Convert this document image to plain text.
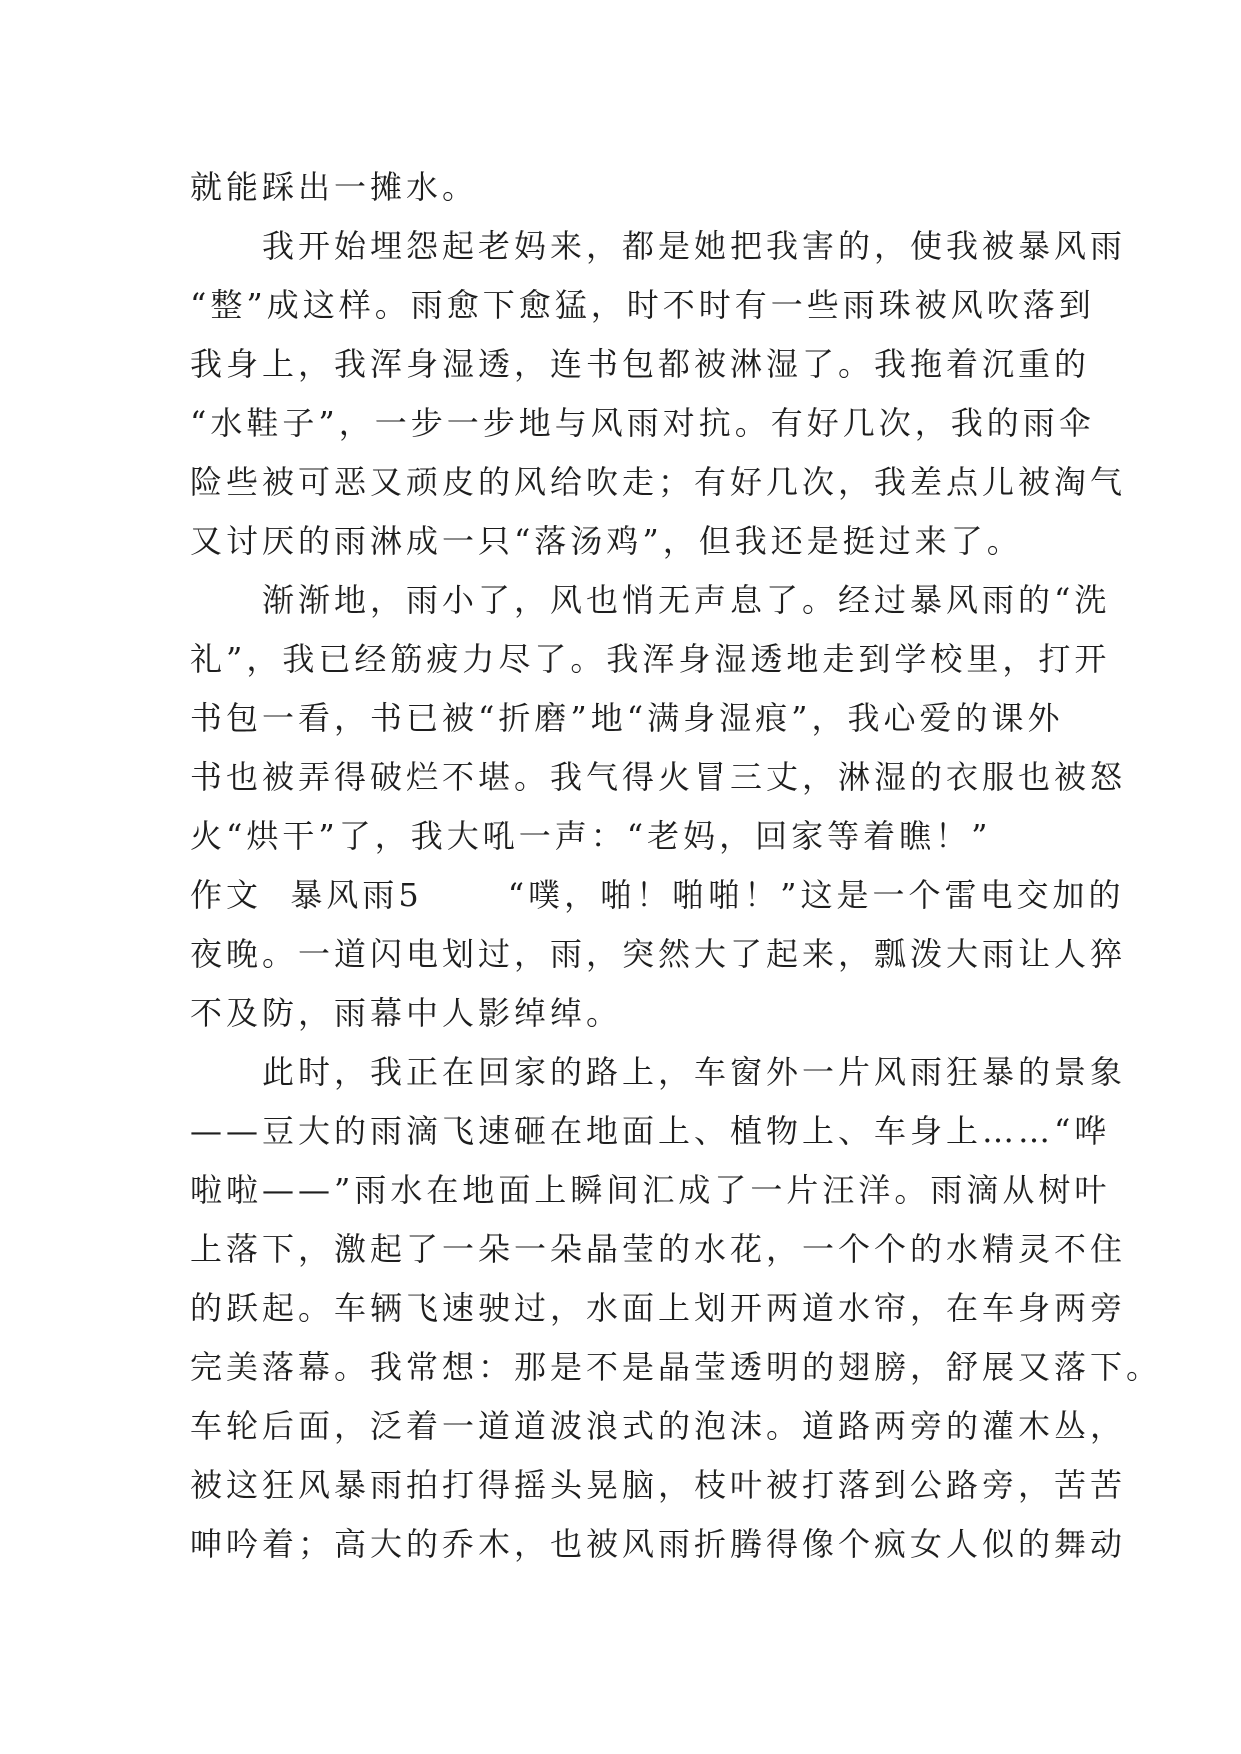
就能踩出一摊水。
我开始埋怨起老妈来，都是她把我害的，使我被暴风雨
“整”成这样。雨愈下愈猛，时不时有一些雨珠被风吹落到
我身上，我浑身湿透，连书包都被淋湿了。我拖着沉重的
“水鞋子”，一步一步地与风雨对抗。有好几次，我的雨伞
险些被可恶又顽皮的风给吹走；有好几次，我差点儿被淘气
又讨厌的雨淋成一只“落汤鸡”，但我还是挺过来了。
渐渐地，雨小了，风也悄无声息了。经过暴风雨的“洗
礼”，我已经筋疲力尽了。我浑身湿透地走到学校里，打开
书包一看，书已被“折磨”地“满身湿痕”，我心爱的课外
书也被弄得破烂不堪。我气得火冒三丈，淋湿的衣服也被怒
火“烘干”了，我大吼一声：“老妈，回家等着瞧！”
作文  暴风雨5      “噗，啪！啪啪！”这是一个雷电交加的
夜晚。一道闪电划过，雨，突然大了起来，瓢泼大雨让人猝
不及防，雨幕中人影绰绰。
此时，我正在回家的路上，车窗外一片风雨狂暴的景象
——豆大的雨滴飞速砸在地面上、植物上、车身上……“哗
啦啦——”雨水在地面上瞬间汇成了一片汪洋。雨滴从树叶
上落下，激起了一朵一朵晶莹的水花，一个个的水精灵不住
的跃起。车辆飞速驶过，水面上划开两道水帘，在车身两旁
完美落幕。我常想：那是不是晶莹透明的翅膀，舒展又落下。
车轮后面，泛着一道道波浪式的泡沫。道路两旁的灌木丛，
被这狂风暴雨拍打得摇头晃脑，枝叶被打落到公路旁，苦苦
呻吟着；高大的乔木，也被风雨折腾得像个疯女人似的舞动
